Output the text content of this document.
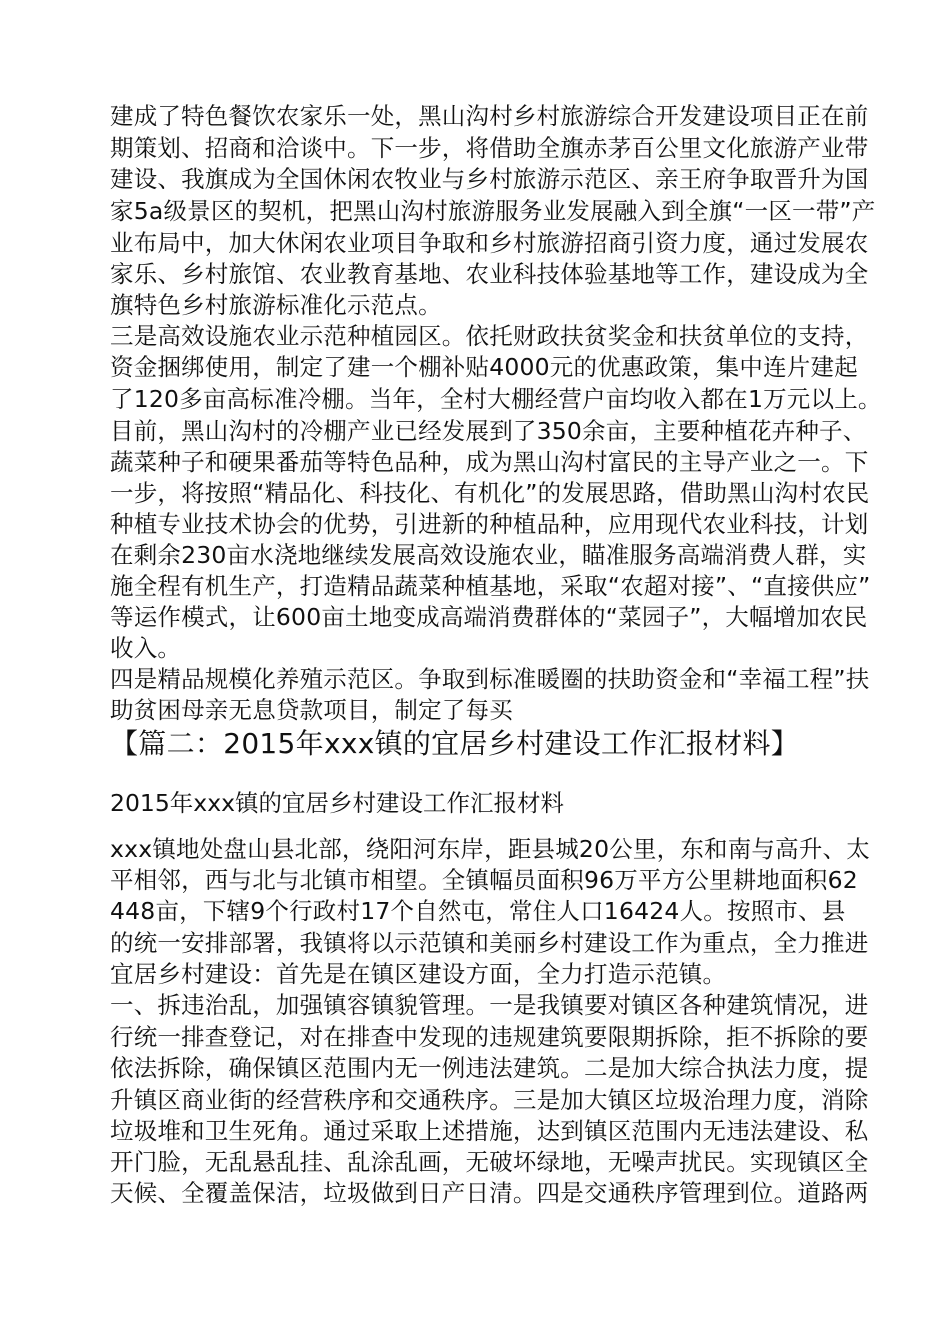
建成了特色餐饮农家乐一处，黑山沟村乡村旅游综合开发建设项目正在前
期策划、招商和洽谈中。下一步，将借助全旗赤茅百公里文化旅游产业带
建设、我旗成为全国休闲农牧业与乡村旅游示范区、亲王府争取晋升为国
家5a级景区的契机，把黑山沟村旅游服务业发展融入到全旗“一区一带”产
业布局中，加大休闲农业项目争取和乡村旅游招商引资力度，通过发展农
家乐、乡村旅馆、农业教育基地、农业科技体验基地等工作，建设成为全
旗特色乡村旅游标准化示范点。
三是高效设施农业示范种植园区。依托财政扶贫奖金和扶贫单位的支持，
资金捆绑使用，制定了建一个棚补贴4000元的优惠政策，集中连片建起
了120多亩高标准冷棚。当年，全村大棚经营户亩均收入都在1万元以上。
目前，黑山沟村的冷棚产业已经发展到了350余亩，主要种植花卉种子、
蔬菜种子和硬果番茄等特色品种，成为黑山沟村富民的主导产业之一。下
一步，将按照“精品化、科技化、有机化”的发展思路，借助黑山沟村农民
种植专业技术协会的优势，引进新的种植品种，应用现代农业科技，计划
在剩余230亩水浇地继续发展高效设施农业，瞄准服务高端消费人群，实
施全程有机生产，打造精品蔬菜种植基地，采取“农超对接”、“直接供应”
等运作模式，让600亩土地变成高端消费群体的“菜园子”，大幅增加农民
收入。
四是精品规模化养殖示范区。争取到标准暖圈的扶助资金和“幸福工程”扶
助贫困母亲无息贷款项目，制定了每买
【篇二：2015年xxx镇的宜居乡村建设工作汇报材料】
2015年xxx镇的宜居乡村建设工作汇报材料
xxx镇地处盘山县北部，绕阳河东岸，距县城20公里，东和南与高升、太
平相邻，西与北与北镇市相望。全镇幅员面积96万平方公里耕地面积62
448亩，下辖9个行政村17个自然屯，常住人口16424人。按照市、县
的统一安排部署，我镇将以示范镇和美丽乡村建设工作为重点，全力推进
宜居乡村建设：首先是在镇区建设方面，全力打造示范镇。
一、拆违治乱，加强镇容镇貌管理。一是我镇要对镇区各种建筑情况，进
行统一排查登记，对在排查中发现的违规建筑要限期拆除，拒不拆除的要
依法拆除，确保镇区范围内无一例违法建筑。二是加大综合执法力度，提
升镇区商业街的经营秩序和交通秩序。三是加大镇区垃圾治理力度，消除
垃圾堆和卫生死角。通过采取上述措施，达到镇区范围内无违法建设、私
开门脸，无乱悬乱挂、乱涂乱画，无破坏绿地，无噪声扰民。实现镇区全
天候、全覆盖保洁，垃圾做到日产日清。四是交通秩序管理到位。道路两
